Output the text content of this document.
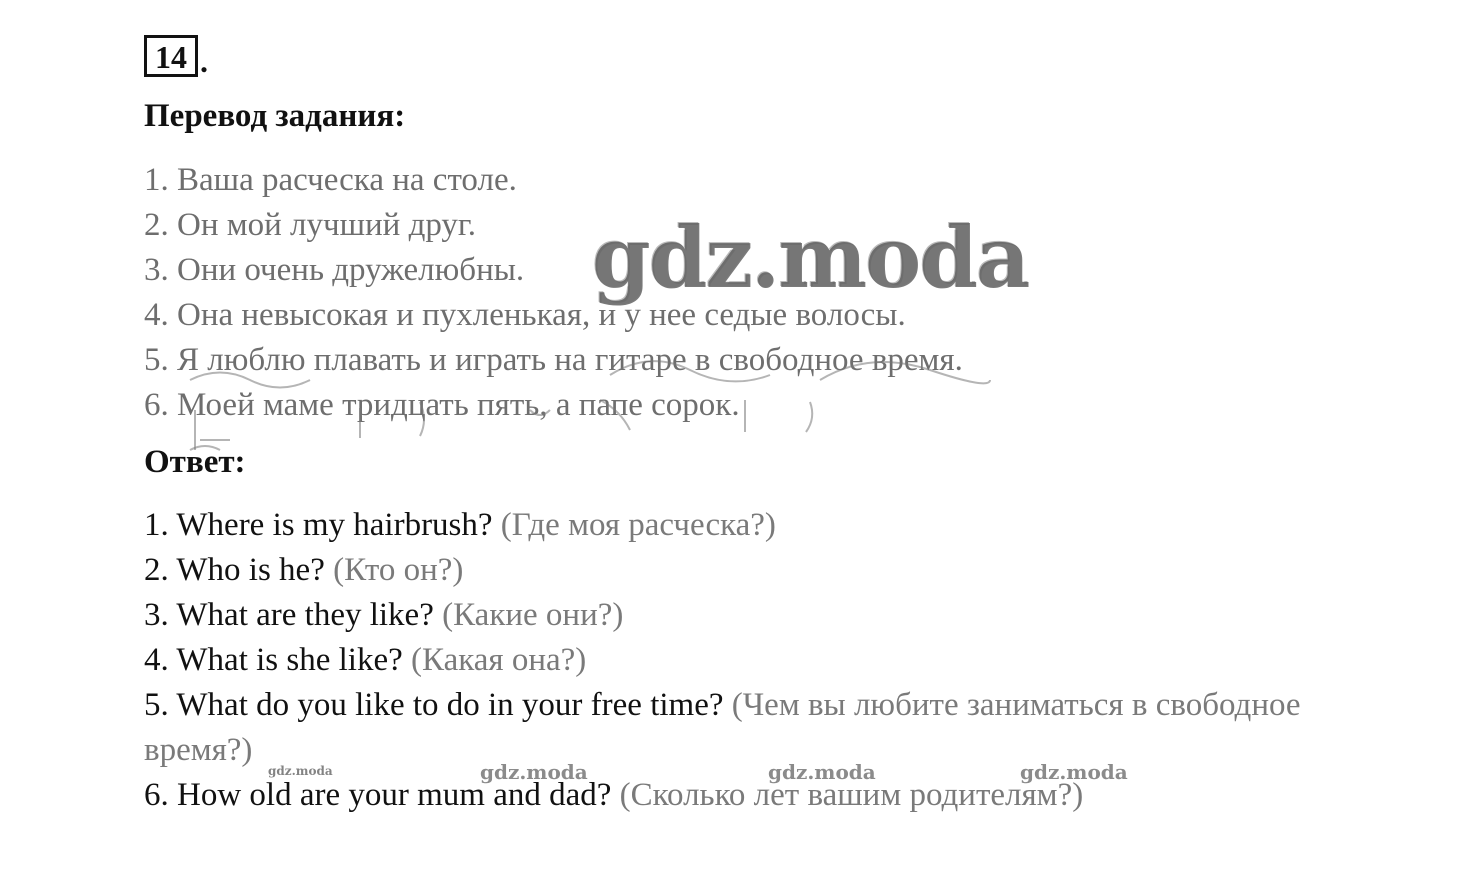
14 .
Перевод задания:
1. Ваша расческа на столе.
2. Он мой лучший друг.
3. Они очень дружелюбны.
4. Она невысокая и пухленькая, и у нее седые волосы.
5. Я люблю плавать и играть на гитаре в свободное время.
6. Моей маме тридцать пять, а папе сорок.
Ответ:
1. Where is my hairbrush? (Где моя расческа?)
2. Who is he? (Кто он?)
3. What are they like? (Какие они?)
4. What is she like? (Какая она?)
5. What do you like to do in your free time? (Чем вы любите заниматься в свободное время?)
6. How old are your mum and dad? (Сколько лет вашим родителям?)
gdz.moda
gdz.moda	gdz.moda	gdz.moda
gdz.moda
